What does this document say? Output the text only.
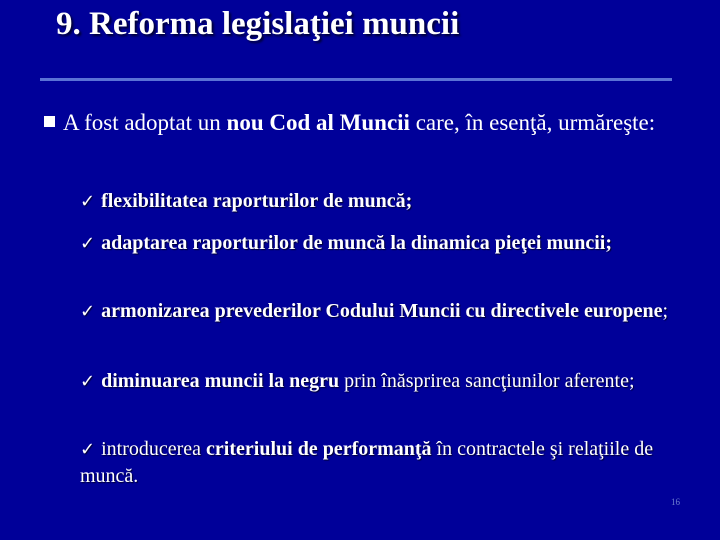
9. Reforma legislaţiei muncii
A fost adoptat un nou Cod al Muncii care, în esenţă, urmăreşte:
✓ flexibilitatea raporturilor de muncă;
✓ adaptarea raporturilor de muncă la dinamica pieţei muncii;
✓ armonizarea prevederilor Codului Muncii cu directivele europene;
✓ diminuarea muncii la negru prin înăsprirea sancţiunilor aferente;
✓ introducerea criteriului de performanţă în contractele şi relaţiile de muncă.
16
